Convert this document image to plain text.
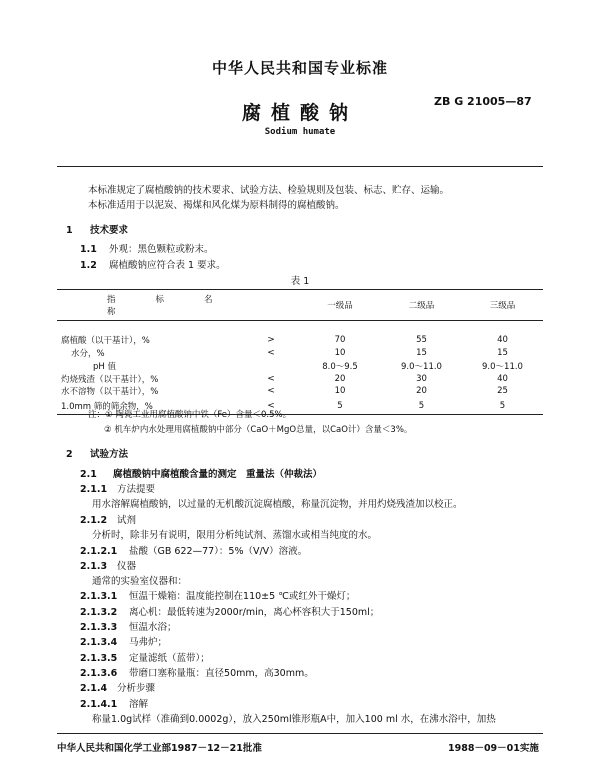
中华人民共和国专业标准
ZB G 21005—87
腐植酸钠
Sodium humate
本标准规定了腐植酸钠的技术要求、试验方法、检验规则及包装、标志、贮存、运输。
本标准适用于以泥炭、褐煤和风化煤为原料制得的腐植酸钠。
1 技术要求
1.1 外观：黑色颗粒或粉末。
1.2 腐植酸钠应符合表 1 要求。
表 1
指标名称		一级品	二级品	三级品

腐植酸（以干基计），%	>	70	55	40
水分，%	<	10	15	15
pH 值		8.0～9.5	9.0～11.0	9.0～11.0
灼烧残渣（以干基计），%	<	20	30	40
水不溶物（以干基计），%	<	10	20	25
1.0mm 筛的筛余物，%	<	5	5	5
注：① 陶瓷工业用腐植酸钠中铁（Fe）含量＜0.5%。
② 机车炉内水处理用腐植酸钠中部分（CaO＋MgO总量，以CaO计）含量＜3%。
2 试验方法
2.1 腐植酸钠中腐植酸含量的测定　重量法（仲裁法）
2.1.1 方法提要
用水溶解腐植酸钠，以过量的无机酸沉淀腐植酸，称量沉淀物，并用灼烧残渣加以校正。
2.1.2 试剂
分析时，除非另有说明，限用分析纯试剂、蒸馏水或相当纯度的水。
2.1.2.1 盐酸（GB 622—77）：5%（V/V）溶液。
2.1.3 仪器
通常的实验室仪器和：
2.1.3.1 恒温干燥箱：温度能控制在110±5 ℃或红外干燥灯；
2.1.3.2 离心机：最低转速为2000r/min，离心杯容积大于150ml；
2.1.3.3 恒温水浴；
2.1.3.4 马弗炉；
2.1.3.5 定量滤纸（蓝带）；
2.1.3.6 带磨口塞称量瓶：直径50mm，高30mm。
2.1.4 分析步骤
2.1.4.1 溶解
称量1.0g试样（准确到0.0002g），放入250ml锥形瓶A中，加入100 ml 水，在沸水浴中，加热
中华人民共和国化学工业部1987－12－21批准	1988－09－01实施
